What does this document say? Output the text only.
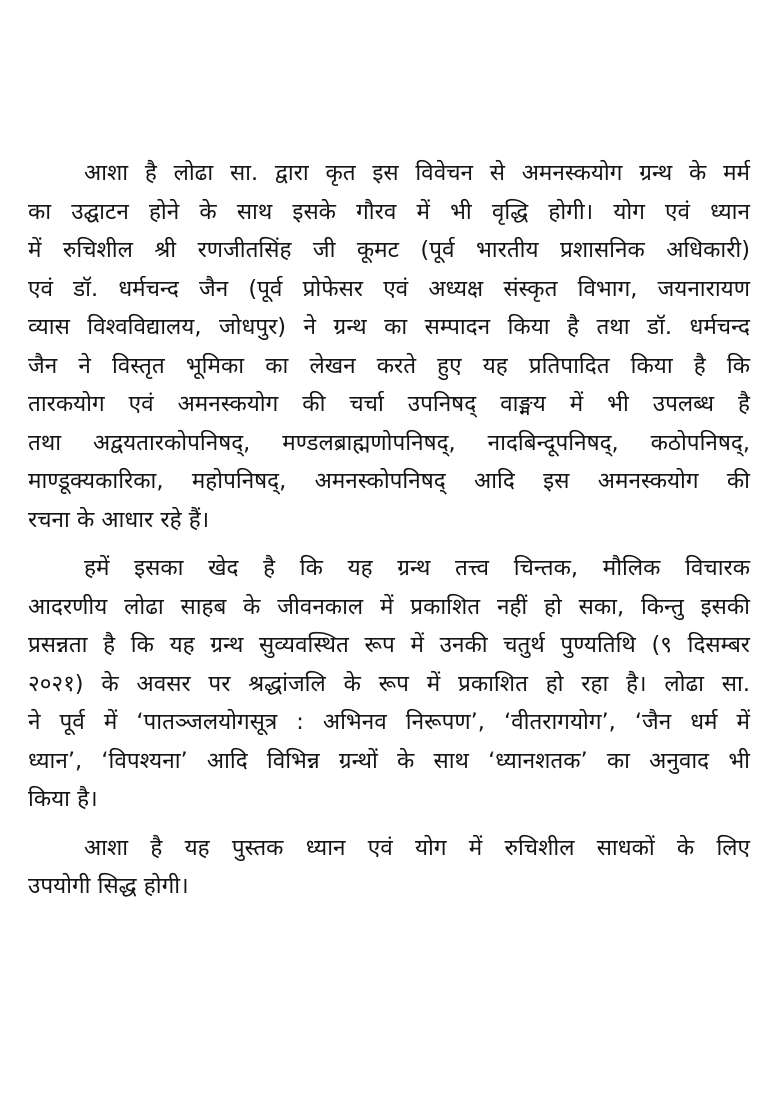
आशा है लोढा सा. द्वारा कृत इस विवेचन से अमनस्कयोग ग्रन्थ के मर्म
का उद्घाटन होने के साथ इसके गौरव में भी वृद्धि होगी। योग एवं ध्यान
में रुचिशील श्री रणजीतसिंह जी कूमट (पूर्व भारतीय प्रशासनिक अधिकारी)
एवं डॉ. धर्मचन्द जैन (पूर्व प्रोफेसर एवं अध्यक्ष संस्कृत विभाग, जयनारायण
व्यास विश्वविद्यालय, जोधपुर) ने ग्रन्थ का सम्पादन किया है तथा डॉ. धर्मचन्द
जैन ने विस्तृत भूमिका का लेखन करते हुए यह प्रतिपादित किया है कि
तारकयोग एवं अमनस्कयोग की चर्चा उपनिषद् वाङ्मय में भी उपलब्ध है
तथा अद्वयतारकोपनिषद्, मण्डलब्राह्मणोपनिषद्, नादबिन्दूपनिषद्, कठोपनिषद्,
माण्डूक्यकारिका, महोपनिषद्, अमनस्कोपनिषद् आदि इस अमनस्कयोग की
रचना के आधार रहे हैं।

हमें इसका खेद है कि यह ग्रन्थ तत्त्व चिन्तक, मौलिक विचारक
आदरणीय लोढा साहब के जीवनकाल में प्रकाशित नहीं हो सका, किन्तु इसकी
प्रसन्नता है कि यह ग्रन्थ सुव्यवस्थित रूप में उनकी चतुर्थ पुण्यतिथि (९ दिसम्बर
२०२१) के अवसर पर श्रद्धांजलि के रूप में प्रकाशित हो रहा है। लोढा सा.
ने पूर्व में ‘पातञ्जलयोगसूत्र : अभिनव निरूपण’, ‘वीतरागयोग’, ‘जैन धर्म में
ध्यान’, ‘विपश्यना’ आदि विभिन्न ग्रन्थों के साथ ‘ध्यानशतक’ का अनुवाद भी
किया है।

आशा है यह पुस्तक ध्यान एवं योग में रुचिशील साधकों के लिए
उपयोगी सिद्ध होगी।
